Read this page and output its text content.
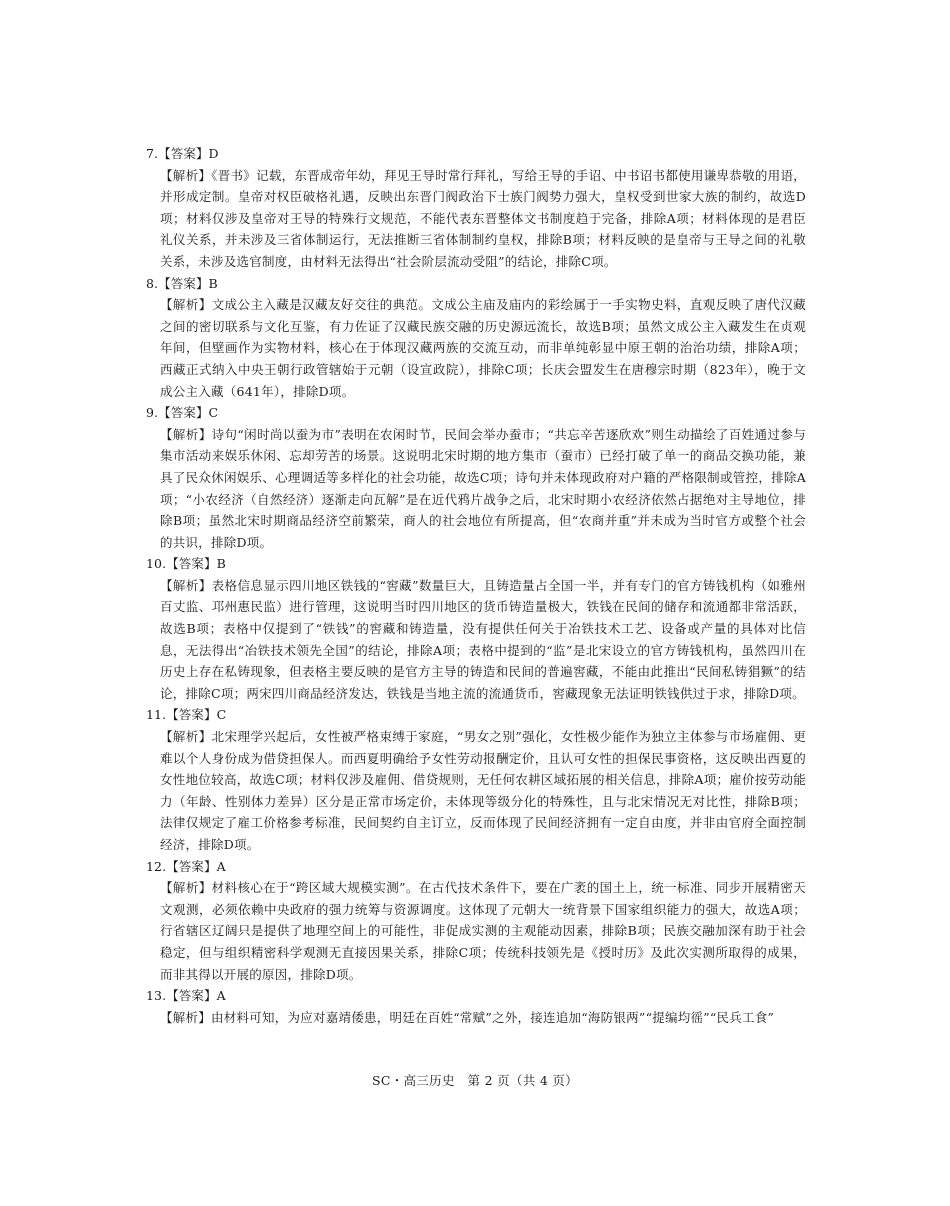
7.【答案】D
【解析】《晋书》记载，东晋成帝年幼，拜见王导时常行拜礼，写给王导的手诏、中书诏书都使用谦卑恭敬的用语，并形成定制。皇帝对权臣破格礼遇，反映出东晋门阀政治下士族门阀势力强大，皇权受到世家大族的制约，故选D项；材料仅涉及皇帝对王导的特殊行文规范，不能代表东晋整体文书制度趋于完备，排除A项；材料体现的是君臣礼仪关系，并未涉及三省体制运行，无法推断三省体制制约皇权，排除B项；材料反映的是皇帝与王导之间的礼敬关系，未涉及选官制度，由材料无法得出“社会阶层流动受阻”的结论，排除C项。
8.【答案】B
【解析】文成公主入藏是汉藏友好交往的典范。文成公主庙及庙内的彩绘属于一手实物史料，直观反映了唐代汉藏之间的密切联系与文化互鉴，有力佐证了汉藏民族交融的历史源远流长，故选B项；虽然文成公主入藏发生在贞观年间，但壁画作为实物材料，核心在于体现汉藏两族的交流互动，而非单纯彰显中原王朝的治治功绩，排除A项；西藏正式纳入中央王朝行政管辖始于元朝（设宣政院），排除C项；长庆会盟发生在唐穆宗时期（823年），晚于文成公主入藏（641年），排除D项。
9.【答案】C
【解析】诗句“闲时尚以蚕为市”表明在农闲时节，民间会举办蚕市；“共忘辛苦逐欣欢”则生动描绘了百姓通过参与集市活动来娱乐休闲、忘却劳苦的场景。这说明北宋时期的地方集市（蚕市）已经打破了单一的商品交换功能，兼具了民众休闲娱乐、心理调适等多样化的社会功能，故选C项；诗句并未体现政府对户籍的严格限制或管控，排除A项；“小农经济（自然经济）逐渐走向瓦解”是在近代鸦片战争之后，北宋时期小农经济依然占据绝对主导地位，排除B项；虽然北宋时期商品经济空前繁荣，商人的社会地位有所提高，但“农商并重”并未成为当时官方或整个社会的共识，排除D项。
10.【答案】B
【解析】表格信息显示四川地区铁钱的“窖藏”数量巨大，且铸造量占全国一半，并有专门的官方铸钱机构（如雅州百丈监、邛州惠民监）进行管理，这说明当时四川地区的货币铸造量极大，铁钱在民间的储存和流通都非常活跃，故选B项；表格中仅提到了“铁钱”的窖藏和铸造量，没有提供任何关于冶铁技术工艺、设备或产量的具体对比信息，无法得出“冶铁技术领先全国”的结论，排除A项；表格中提到的“监”是北宋设立的官方铸钱机构，虽然四川在历史上存在私铸现象，但表格主要反映的是官方主导的铸造和民间的普遍窖藏，不能由此推出“民间私铸猖獗”的结论，排除C项；两宋四川商品经济发达，铁钱是当地主流的流通货币，窖藏现象无法证明铁钱供过于求，排除D项。
11.【答案】C
【解析】北宋理学兴起后，女性被严格束缚于家庭，“男女之别”强化，女性极少能作为独立主体参与市场雇佣、更难以个人身份成为借贷担保人。而西夏明确给予女性劳动报酬定价，且认可女性的担保民事资格，这反映出西夏的女性地位较高，故选C项；材料仅涉及雇佣、借贷规则，无任何农耕区域拓展的相关信息，排除A项；雇价按劳动能力（年龄、性别体力差异）区分是正常市场定价，未体现等级分化的特殊性，且与北宋情况无对比性，排除B项；法律仅规定了雇工价格参考标准，民间契约自主订立，反而体现了民间经济拥有一定自由度，并非由官府全面控制经济，排除D项。
12.【答案】A
【解析】材料核心在于“跨区域大规模实测”。在古代技术条件下，要在广袤的国土上，统一标准、同步开展精密天文观测，必须依赖中央政府的强力统筹与资源调度。这体现了元朝大一统背景下国家组织能力的强大，故选A项；行省辖区辽阔只是提供了地理空间上的可能性，非促成实测的主观能动因素，排除B项；民族交融加深有助于社会稳定，但与组织精密科学观测无直接因果关系，排除C项；传统科技领先是《授时历》及此次实测所取得的成果，而非其得以开展的原因，排除D项。
13.【答案】A
【解析】由材料可知，为应对嘉靖倭患，明廷在百姓“常赋”之外，接连追加“海防银两”“提编均徭”“民兵工食”
SC・高三历史　第 2 页（共 4 页）
